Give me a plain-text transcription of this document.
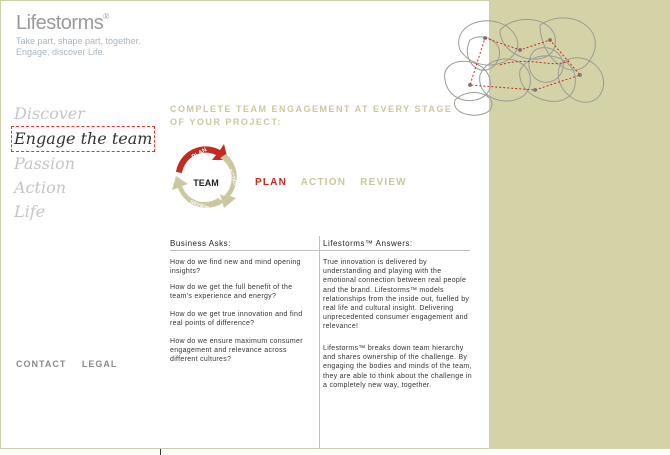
Lifestorms®
Take part, shape part, together.
Engage, discover Life.
Discover
Engage the team
Passion
Action
Life
CONTACT LEGAL
COMPLETE TEAM ENGAGEMENT AT EVERY STAGE
OF YOUR PROJECT:
PLAN
ACTION
REVIEW
TEAM	PLAN ACTION REVIEW
Business Asks:	Lifestorms™ Answers:
How do we find new and mind opening insights?
How do we get the full benefit of the team's experience and energy?
How do we get true innovation and find real points of difference?
How do we ensure maximum consumer engagement and relevance across different cultures?
True innovation is delivered by understanding and playing with the emotional connection between real people and the brand. Lifestorms™ models relationships from the inside out, fuelled by real life and cultural insight. Delivering unprecedented consumer engagement and relevance!
Lifestorms™ breaks down team hierarchy and shares ownership of the challenge. By engaging the bodies and minds of the team, they are able to think about the challenge in a completely new way, together.
